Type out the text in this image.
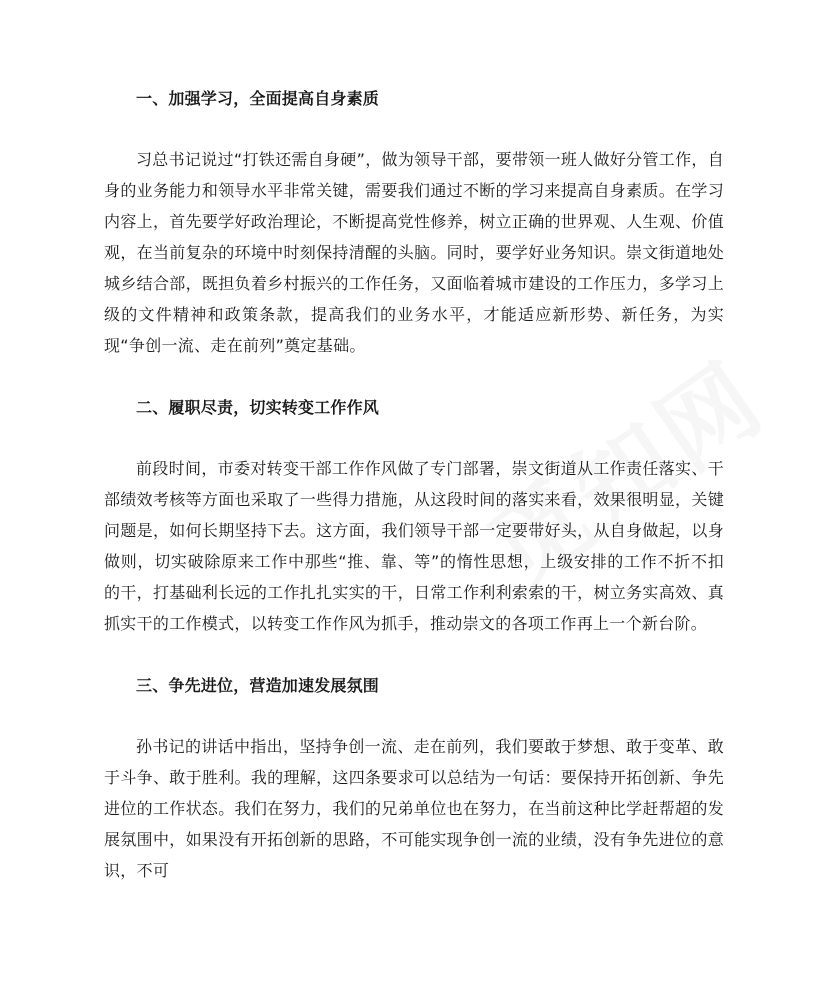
一、加强学习，全面提高自身素质

习总书记说过“打铁还需自身硬”，做为领导干部，要带领一班人做好分管工作，自身的业务能力和领导水平非常关键，需要我们通过不断的学习来提高自身素质。在学习内容上，首先要学好政治理论，不断提高党性修养，树立正确的世界观、人生观、价值观，在当前复杂的环境中时刻保持清醒的头脑。同时，要学好业务知识。崇文街道地处城乡结合部，既担负着乡村振兴的工作任务，又面临着城市建设的工作压力，多学习上级的文件精神和政策条款，提高我们的业务水平，才能适应新形势、新任务，为实现“争创一流、走在前列”奠定基础。

二、履职尽责，切实转变工作作风

前段时间，市委对转变干部工作作风做了专门部署，崇文街道从工作责任落实、干部绩效考核等方面也采取了一些得力措施，从这段时间的落实来看，效果很明显，关键问题是，如何长期坚持下去。这方面，我们领导干部一定要带好头，从自身做起，以身做则，切实破除原来工作中那些“推、靠、等”的惰性思想，上级安排的工作不折不扣的干，打基础利长远的工作扎扎实实的干，日常工作利利索索的干，树立务实高效、真抓实干的工作模式，以转变工作作风为抓手，推动崇文的各项工作再上一个新台阶。

三、争先进位，营造加速发展氛围

孙书记的讲话中指出，坚持争创一流、走在前列，我们要敢于梦想、敢于变革、敢于斗争、敢于胜利。我的理解，这四条要求可以总结为一句话：要保持开拓创新、争先进位的工作状态。我们在努力，我们的兄弟单位也在努力，在当前这种比学赶帮超的发展氛围中，如果没有开拓创新的思路，不可能实现争创一流的业绩，没有争先进位的意识，不可
